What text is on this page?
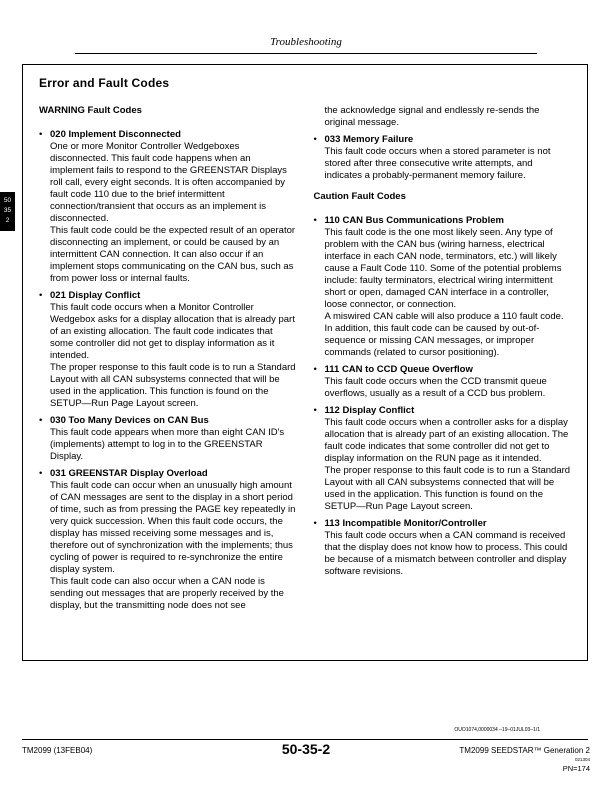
Troubleshooting
50
35
2
Error and Fault Codes
WARNING Fault Codes
• 020 Implement Disconnected

One or more Monitor Controller Wedgeboxes disconnected. This fault code happens when an implement fails to respond to the GREENSTAR Displays roll call, every eight seconds. It is often accompanied by fault code 110 due to the brief intermittent connection/transient that occurs as an implement is disconnected.

This fault code could be the expected result of an operator disconnecting an implement, or could be caused by an intermittent CAN connection. It can also occur if an implement stops communicating on the CAN bus, such as from power loss or internal faults.

• 021 Display Conflict

This fault code occurs when a Monitor Controller Wedgebox asks for a display allocation that is already part of an existing allocation. The fault code indicates that some controller did not get to display information as it intended.

The proper response to this fault code is to run a Standard Layout with all CAN subsystems connected that will be used in the application. This function is found on the SETUP—Run Page Layout screen.

• 030 Too Many Devices on CAN Bus

This fault code appears when more than eight CAN ID's (implements) attempt to log in to the GREENSTAR Display.

• 031 GREENSTAR Display Overload

This fault code can occur when an unusually high amount of CAN messages are sent to the display in a short period of time, such as from pressing the PAGE key repeatedly in very quick succession. When this fault code occurs, the display has missed receiving some messages and is, therefore out of synchronization with the implements; thus cycling of power is required to re-synchronize the entire display system.

This fault code can also occur when a CAN node is sending out messages that are properly received by the display, but the transmitting node does not see

the acknowledge signal and endlessly re-sends the original message.

• 033 Memory Failure

This fault code occurs when a stored parameter is not stored after three consecutive write attempts, and indicates a probably-permanent memory failure.

Caution Fault Codes
• 110 CAN Bus Communications Problem

This fault code is the one most likely seen. Any type of problem with the CAN bus (wiring harness, electrical interface in each CAN node, terminators, etc.) will likely cause a Fault Code 110. Some of the potential problems include: faulty terminators, electrical wiring intermittent short or open, damaged CAN interface in a controller, loose connector, or connection.

A miswired CAN cable will also produce a 110 fault code.

In addition, this fault code can be caused by out-of-sequence or missing CAN messages, or improper commands (related to cursor positioning).

• 111 CAN to CCD Queue Overflow

This fault code occurs when the CCD transmit queue overflows, usually as a result of a CCD bus problem.

• 112 Display Conflict

This fault code occurs when a controller asks for a display allocation that is already part of an existing allocation. The fault code indicates that some controller did not get to display information on the RUN page as it intended.

The proper response to this fault code is to run a Standard Layout with all CAN subsystems connected that will be used in the application. This function is found on the SETUP—Run Page Layout screen.

• 113 Incompatible Monitor/Controller

This fault code occurs when a CAN command is received that the display does not know how to process. This could be because of a mismatch between controller and display software revisions.

OUO1074,0000034 –19–01JUL03–1/1
TM2099 (13FEB04)	50-35-2	TM2099 SEEDSTAR™ Generation 2
021304
PN=174
